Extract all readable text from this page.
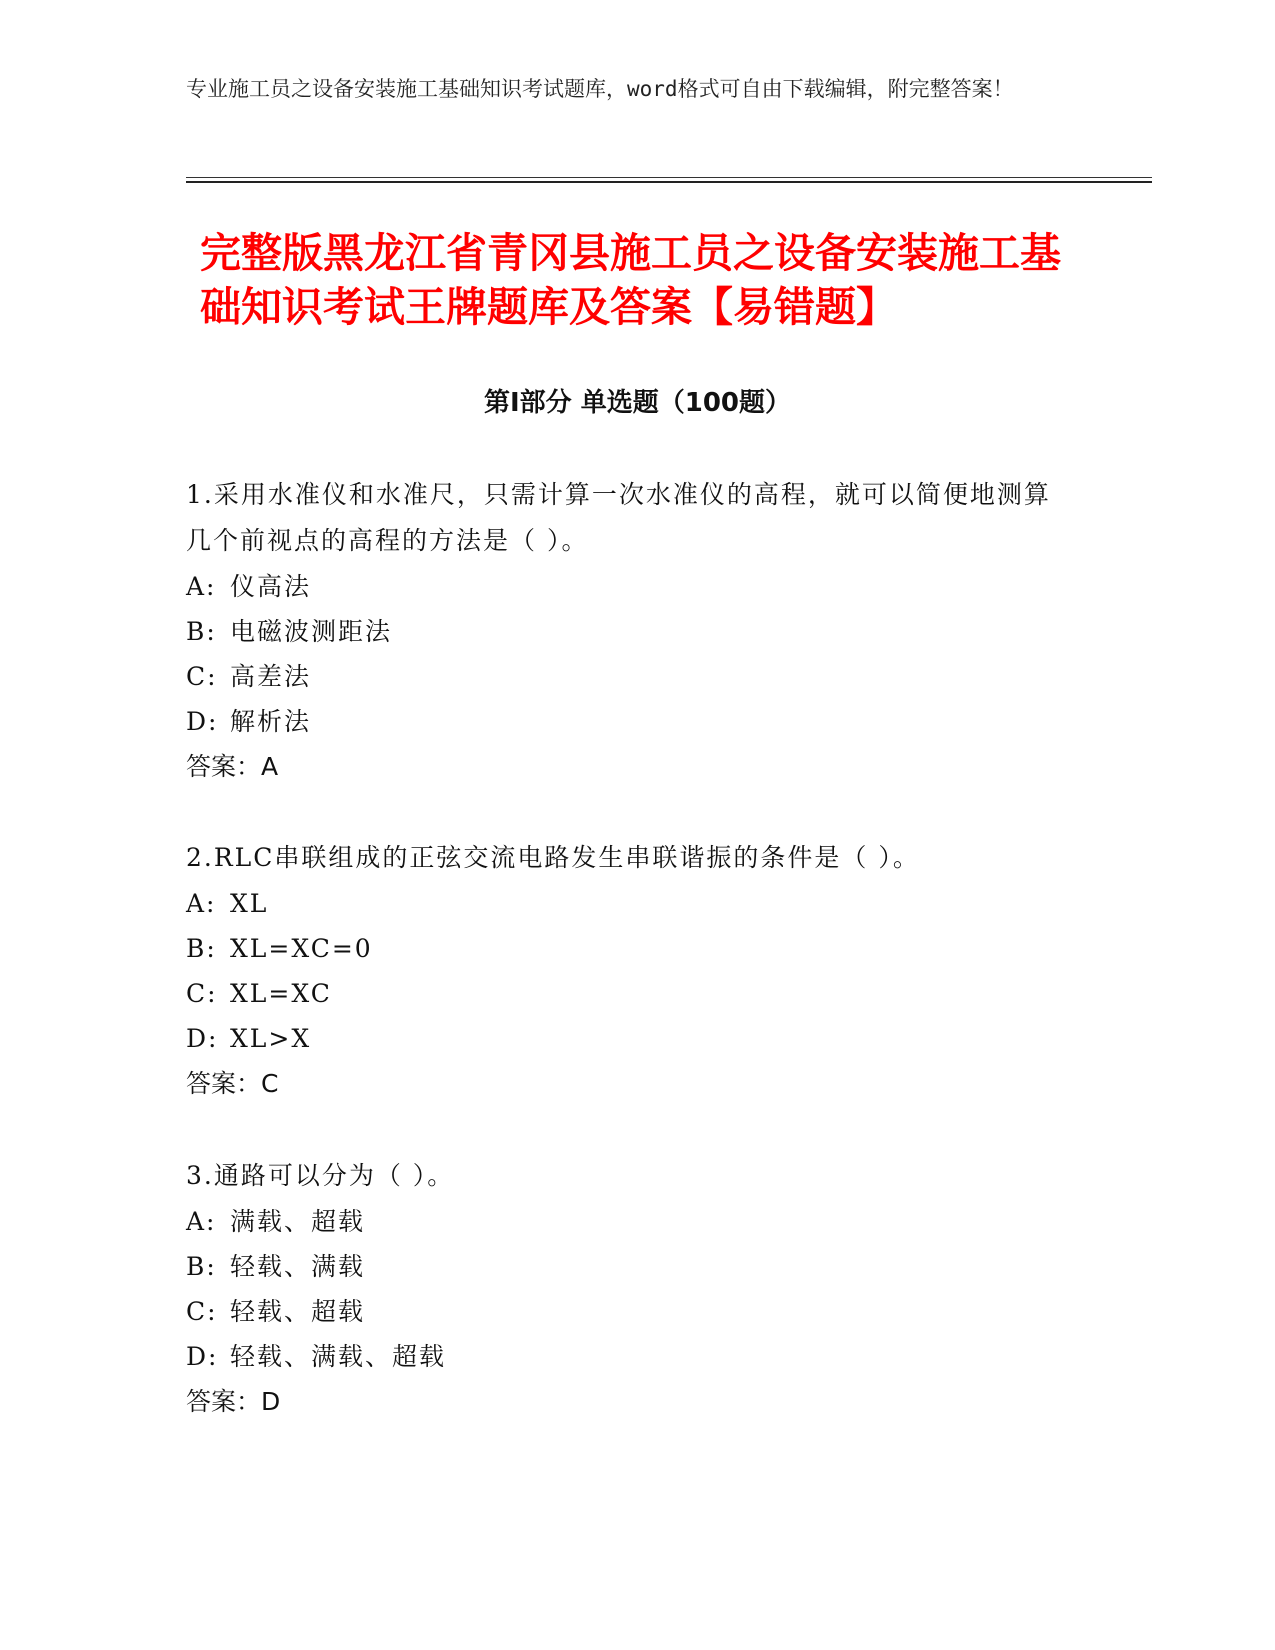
专业施工员之设备安装施工基础知识考试题库，word格式可自由下载编辑，附完整答案！
完整版黑龙江省青冈县施工员之设备安装施工基础知识考试王牌题库及答案【易错题】
第Ⅰ部分 单选题（100题）

1.采用水准仪和水准尺，只需计算一次水准仪的高程，就可以简便地测算几个前视点的高程的方法是（ ）。

A: 仪高法

B: 电磁波测距法

C: 高差法

D: 解析法

答案：A

2.RLC串联组成的正弦交流电路发生串联谐振的条件是（ ）。

A: XL

B: XL=XC=0

C: XL=XC

D: XL>X

答案：C

3.通路可以分为（ ）。

A: 满载、超载

B: 轻载、满载

C: 轻载、超载

D: 轻载、满载、超载

答案：D
